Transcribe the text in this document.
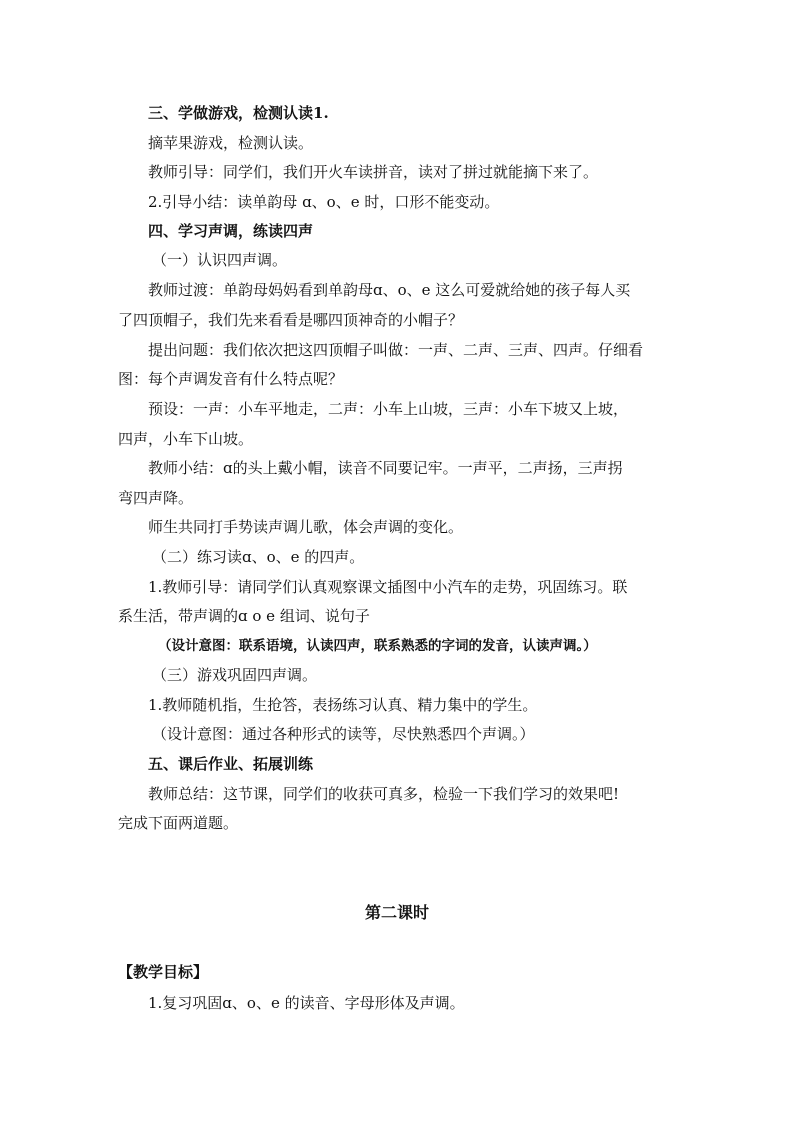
三、学做游戏，检测认读1.
摘苹果游戏，检测认读。
教师引导：同学们，我们开火车读拼音，读对了拼过就能摘下来了。
2.引导小结：读单韵母 ɑ、o、e 时，口形不能变动。
四、学习声调，练读四声
（一）认识四声调。
教师过渡：单韵母妈妈看到单韵母ɑ、o、e 这么可爱就给她的孩子每人买
了四顶帽子，我们先来看看是哪四顶神奇的小帽子？
提出问题：我们依次把这四顶帽子叫做：一声、二声、三声、四声。仔细看
图：每个声调发音有什么特点呢？
预设：一声：小车平地走，二声：小车上山坡，三声：小车下坡又上坡，
四声，小车下山坡。
教师小结：ɑ的头上戴小帽，读音不同要记牢。一声平，二声扬，三声拐
弯四声降。
师生共同打手势读声调儿歌，体会声调的变化。
（二）练习读ɑ、o、e 的四声。
1.教师引导：请同学们认真观察课文插图中小汽车的走势，巩固练习。联
系生活，带声调的ɑ o e 组词、说句子
（设计意图：联系语境，认读四声，联系熟悉的字词的发音，认读声调。）
（三）游戏巩固四声调。
1.教师随机指，生抢答，表扬练习认真、精力集中的学生。
（设计意图：通过各种形式的读等，尽快熟悉四个声调。）
五、课后作业、拓展训练
教师总结：这节课，同学们的收获可真多，检验一下我们学习的效果吧!
完成下面两道题。
第二课时
【教学目标】
1.复习巩固ɑ、o、e 的读音、字母形体及声调。
